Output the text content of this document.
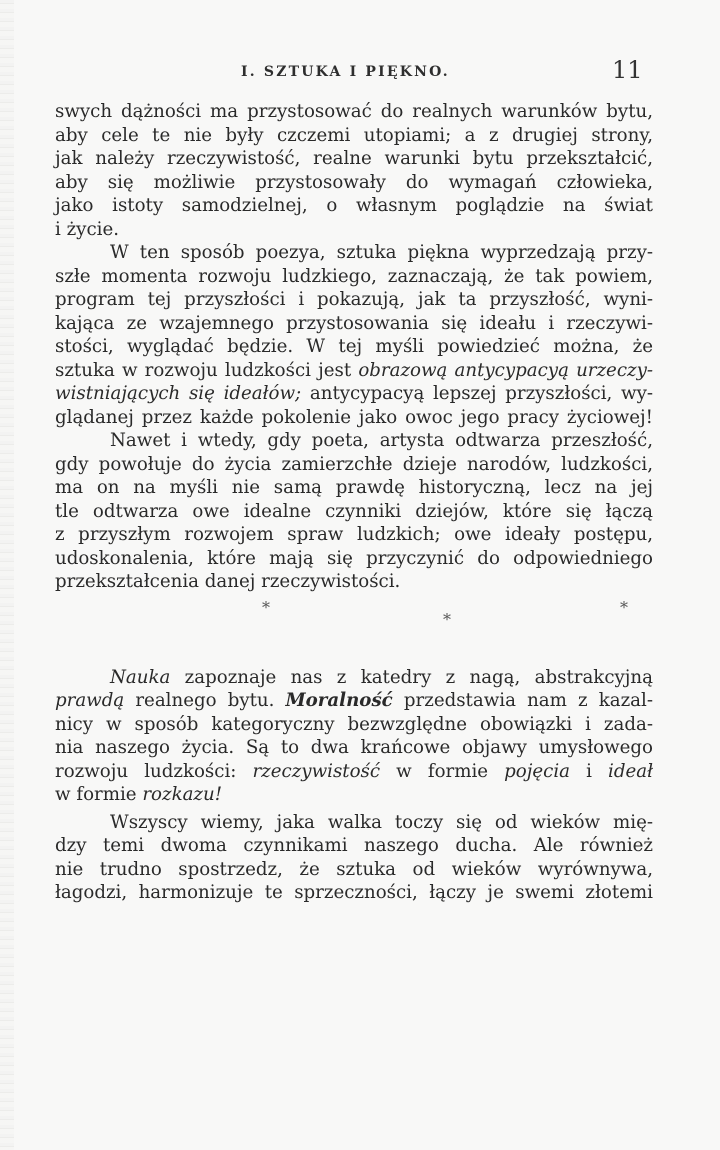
I. SZTUKA I PIĘKNO.	11
swych dążności ma przystosować do realnych warunków bytu,
aby cele te nie były czczemi utopiami; a z drugiej strony,
jak należy rzeczywistość, realne warunki bytu przekształcić,
aby się możliwie przystosowały do wymagań człowieka,
jako istoty samodzielnej, o własnym poglądzie na świat
i życie.
W ten sposób poezya, sztuka piękna wyprzedzają przy-
szłe momenta rozwoju ludzkiego, zaznaczają, że tak powiem,
program tej przyszłości i pokazują, jak ta przyszłość, wyni-
kająca ze wzajemnego przystosowania się ideału i rzeczywi-
stości, wyglądać będzie. W tej myśli powiedzieć można, że
sztuka w rozwoju ludzkości jest obrazową antycypacyą urzeczy-
wistniających się ideałów; antycypacyą lepszej przyszłości, wy-
glądanej przez każde pokolenie jako owoc jego pracy życiowej!
Nawet i wtedy, gdy poeta, artysta odtwarza przeszłość,
gdy powołuje do życia zamierzchłe dzieje narodów, ludzkości,
ma on na myśli nie samą prawdę historyczną, lecz na jej
tle odtwarza owe idealne czynniki dziejów, które się łączą
z przyszłym rozwojem spraw ludzkich; owe ideały postępu,
udoskonalenia, które mają się przyczynić do odpowiedniego
przekształcenia danej rzeczywistości.
*
*
*
Nauka zapoznaje nas z katedry z nagą, abstrakcyjną
prawdą realnego bytu. Moralność przedstawia nam z kazal-
nicy w sposób kategoryczny bezwzględne obowiązki i zada-
nia naszego życia. Są to dwa krańcowe objawy umysłowego
rozwoju ludzkości: rzeczywistość w formie pojęcia i ideał
w formie rozkazu!
Wszyscy wiemy, jaka walka toczy się od wieków mię-
dzy temi dwoma czynnikami naszego ducha. Ale również
nie trudno spostrzedz, że sztuka od wieków wyrównywa,
łagodzi, harmonizuje te sprzeczności, łączy je swemi złotemi
